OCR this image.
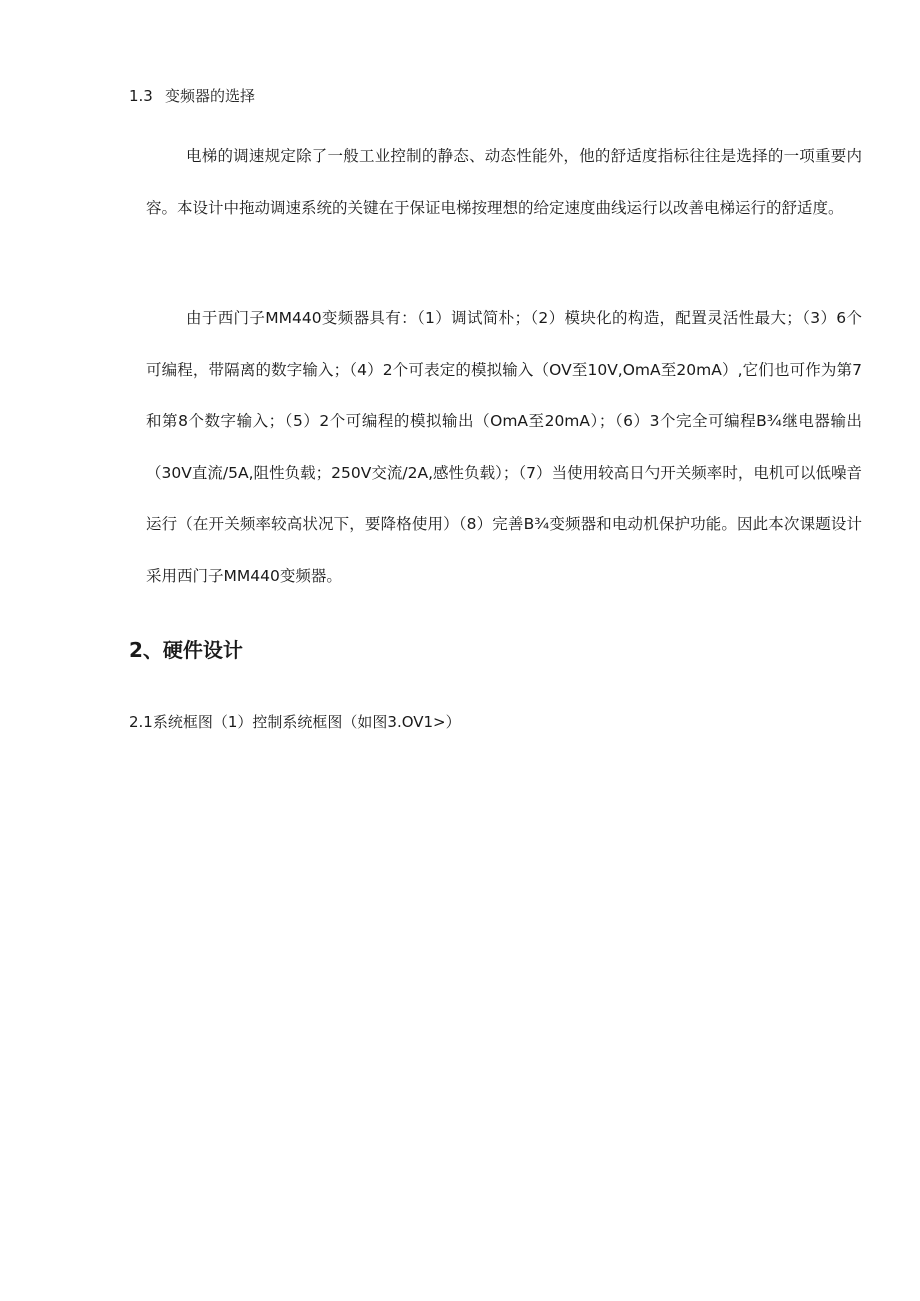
1.3 变频器的选择

电梯的调速规定除了一般工业控制的静态、动态性能外，他的舒适度指标往往是选择的一项重要内容。本设计中拖动调速系统的关键在于保证电梯按理想的给定速度曲线运行以改善电梯运行的舒适度。

由于西门子MM440变频器具有：（1）调试简朴；（2）模块化的构造，配置灵活性最大；（3）6个可编程，带隔离的数字输入；（4）2个可表定的模拟输入（OV至10V,OmA至20mA）,它们也可作为第7和第8个数字输入；（5）2个可编程的模拟输出（OmA至20mA）；（6）3个完全可编程B¾继电器输出（30V直流/5A,阻性负载；250V交流/2A,感性负载）；（7）当使用较高日勺开关频率时，电机可以低噪音运行（在开关频率较高状况下，要降格使用）（8）完善B¾变频器和电动机保护功能。因此本次课题设计采用西门子MM440变频器。

2、硬件设计
2.1系统框图（1）控制系统框图（如图3.OV1>）
